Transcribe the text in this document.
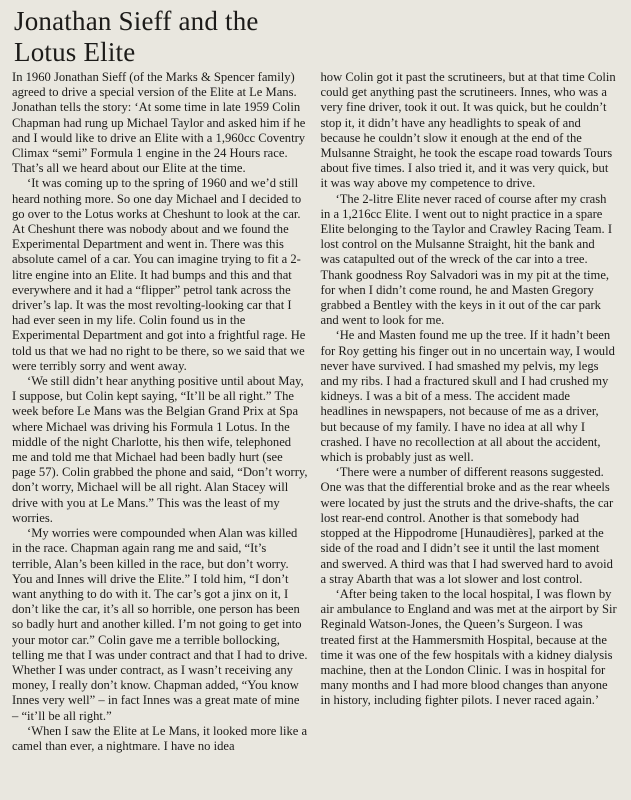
Jonathan Sieff and the
Lotus Elite

In 1960 Jonathan Sieff (of the Marks & Spencer family) agreed to drive a special version of the Elite at Le Mans. Jonathan tells the story: ‘At some time in late 1959 Colin Chapman had rung up Michael Taylor and asked him if he and I would like to drive an Elite with a 1,960cc Coventry Climax “semi” Formula 1 engine in the 24 Hours race. That’s all we heard about our Elite at the time.

‘It was coming up to the spring of 1960 and we’d still heard nothing more. So one day Michael and I decided to go over to the Lotus works at Cheshunt to look at the car. At Cheshunt there was nobody about and we found the Experimental Department and went in. There was this absolute camel of a car. You can imagine trying to fit a 2-litre engine into an Elite. It had bumps and this and that everywhere and it had a “flipper” petrol tank across the driver’s lap. It was the most revolting-looking car that I had ever seen in my life. Colin found us in the Experimental Department and got into a frightful rage. He told us that we had no right to be there, so we said that we were terribly sorry and went away.

‘We still didn’t hear anything positive until about May, I suppose, but Colin kept saying, “It’ll be all right.” The week before Le Mans was the Belgian Grand Prix at Spa where Michael was driving his Formula 1 Lotus. In the middle of the night Charlotte, his then wife, telephoned me and told me that Michael had been badly hurt (see page 57). Colin grabbed the phone and said, “Don’t worry, don’t worry, Michael will be all right. Alan Stacey will drive with you at Le Mans.” This was the least of my worries.

‘My worries were compounded when Alan was killed in the race. Chapman again rang me and said, “It’s terrible, Alan’s been killed in the race, but don’t worry. You and Innes will drive the Elite.” I told him, “I don’t want anything to do with it. The car’s got a jinx on it, I don’t like the car, it’s all so horrible, one person has been so badly hurt and another killed. I’m not going to get into your motor car.” Colin gave me a terrible bollocking, telling me that I was under contract and that I had to drive. Whether I was under contract, as I wasn’t receiving any money, I really don’t know. Chapman added, “You know Innes very well” – in fact Innes was a great mate of mine – “it’ll be all right.”

‘When I saw the Elite at Le Mans, it looked more like a camel than ever, a nightmare. I have no idea

how Colin got it past the scrutineers, but at that time Colin could get anything past the scrutineers. Innes, who was a very fine driver, took it out. It was quick, but he couldn’t stop it, it didn’t have any headlights to speak of and because he couldn’t slow it enough at the end of the Mulsanne Straight, he took the escape road towards Tours about five times. I also tried it, and it was very quick, but it was way above my competence to drive.

‘The 2-litre Elite never raced of course after my crash in a 1,216cc Elite. I went out to night practice in a spare Elite belonging to the Taylor and Crawley Racing Team. I lost control on the Mulsanne Straight, hit the bank and was catapulted out of the wreck of the car into a tree. Thank goodness Roy Salvadori was in my pit at the time, for when I didn’t come round, he and Masten Gregory grabbed a Bentley with the keys in it out of the car park and went to look for me.

‘He and Masten found me up the tree. If it hadn’t been for Roy getting his finger out in no uncertain way, I would never have survived. I had smashed my pelvis, my legs and my ribs. I had a fractured skull and I had crushed my kidneys. I was a bit of a mess. The accident made headlines in newspapers, not because of me as a driver, but because of my family. I have no idea at all why I crashed. I have no recollection at all about the accident, which is probably just as well.

‘There were a number of different reasons suggested. One was that the differential broke and as the rear wheels were located by just the struts and the drive-shafts, the car lost rear-end control. Another is that somebody had stopped at the Hippodrome [Hunaudières], parked at the side of the road and I didn’t see it until the last moment and swerved. A third was that I had swerved hard to avoid a stray Abarth that was a lot slower and lost control.

‘After being taken to the local hospital, I was flown by air ambulance to England and was met at the airport by Sir Reginald Watson-Jones, the Queen’s Surgeon. I was treated first at the Hammersmith Hospital, because at the time it was one of the few hospitals with a kidney dialysis machine, then at the London Clinic. I was in hospital for many months and I had more blood changes than anyone in history, including fighter pilots. I never raced again.’
